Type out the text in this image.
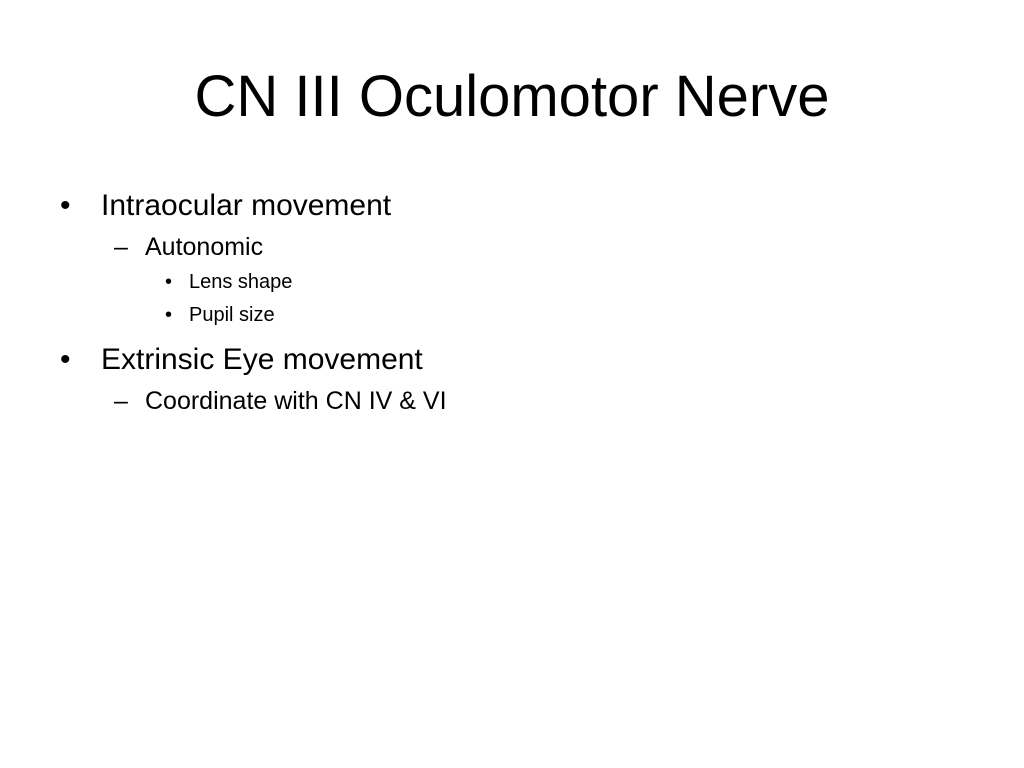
CN III Oculomotor Nerve
• Intraocular movement
– Autonomic
• Lens shape
• Pupil size
• Extrinsic Eye movement
– Coordinate with CN IV & VI
